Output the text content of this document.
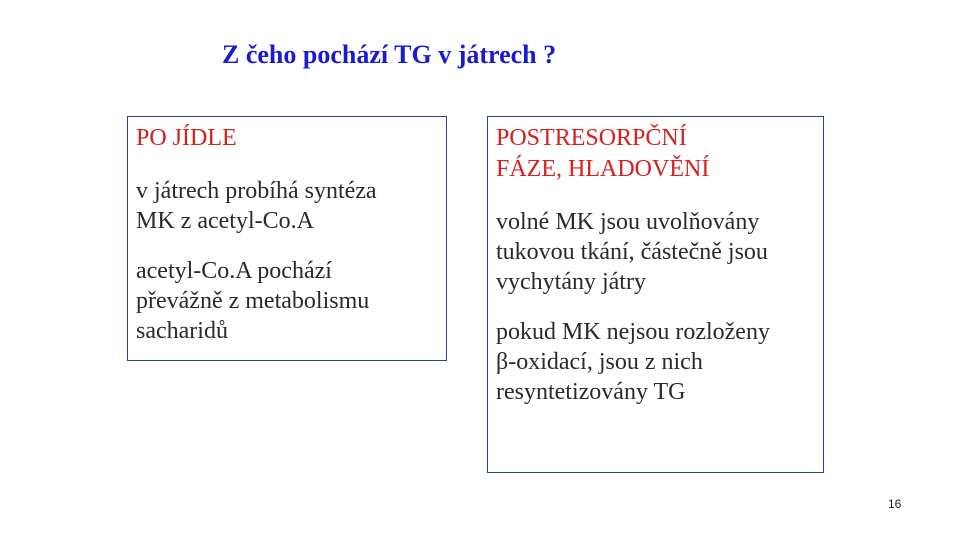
Z čeho pochází TG v játrech ?
PO JÍDLE
v játrech probíhá syntéza
MK z acetyl-Co.A
acetyl-Co.A pochází
převážně z metabolismu
sacharidů
POSTRESORPČNÍ
FÁZE, HLADOVĚNÍ
volné MK jsou uvolňovány
tukovou tkání, částečně jsou
vychytány játry
pokud MK nejsou rozloženy
β-oxidací, jsou z nich
resyntetizovány TG
16
